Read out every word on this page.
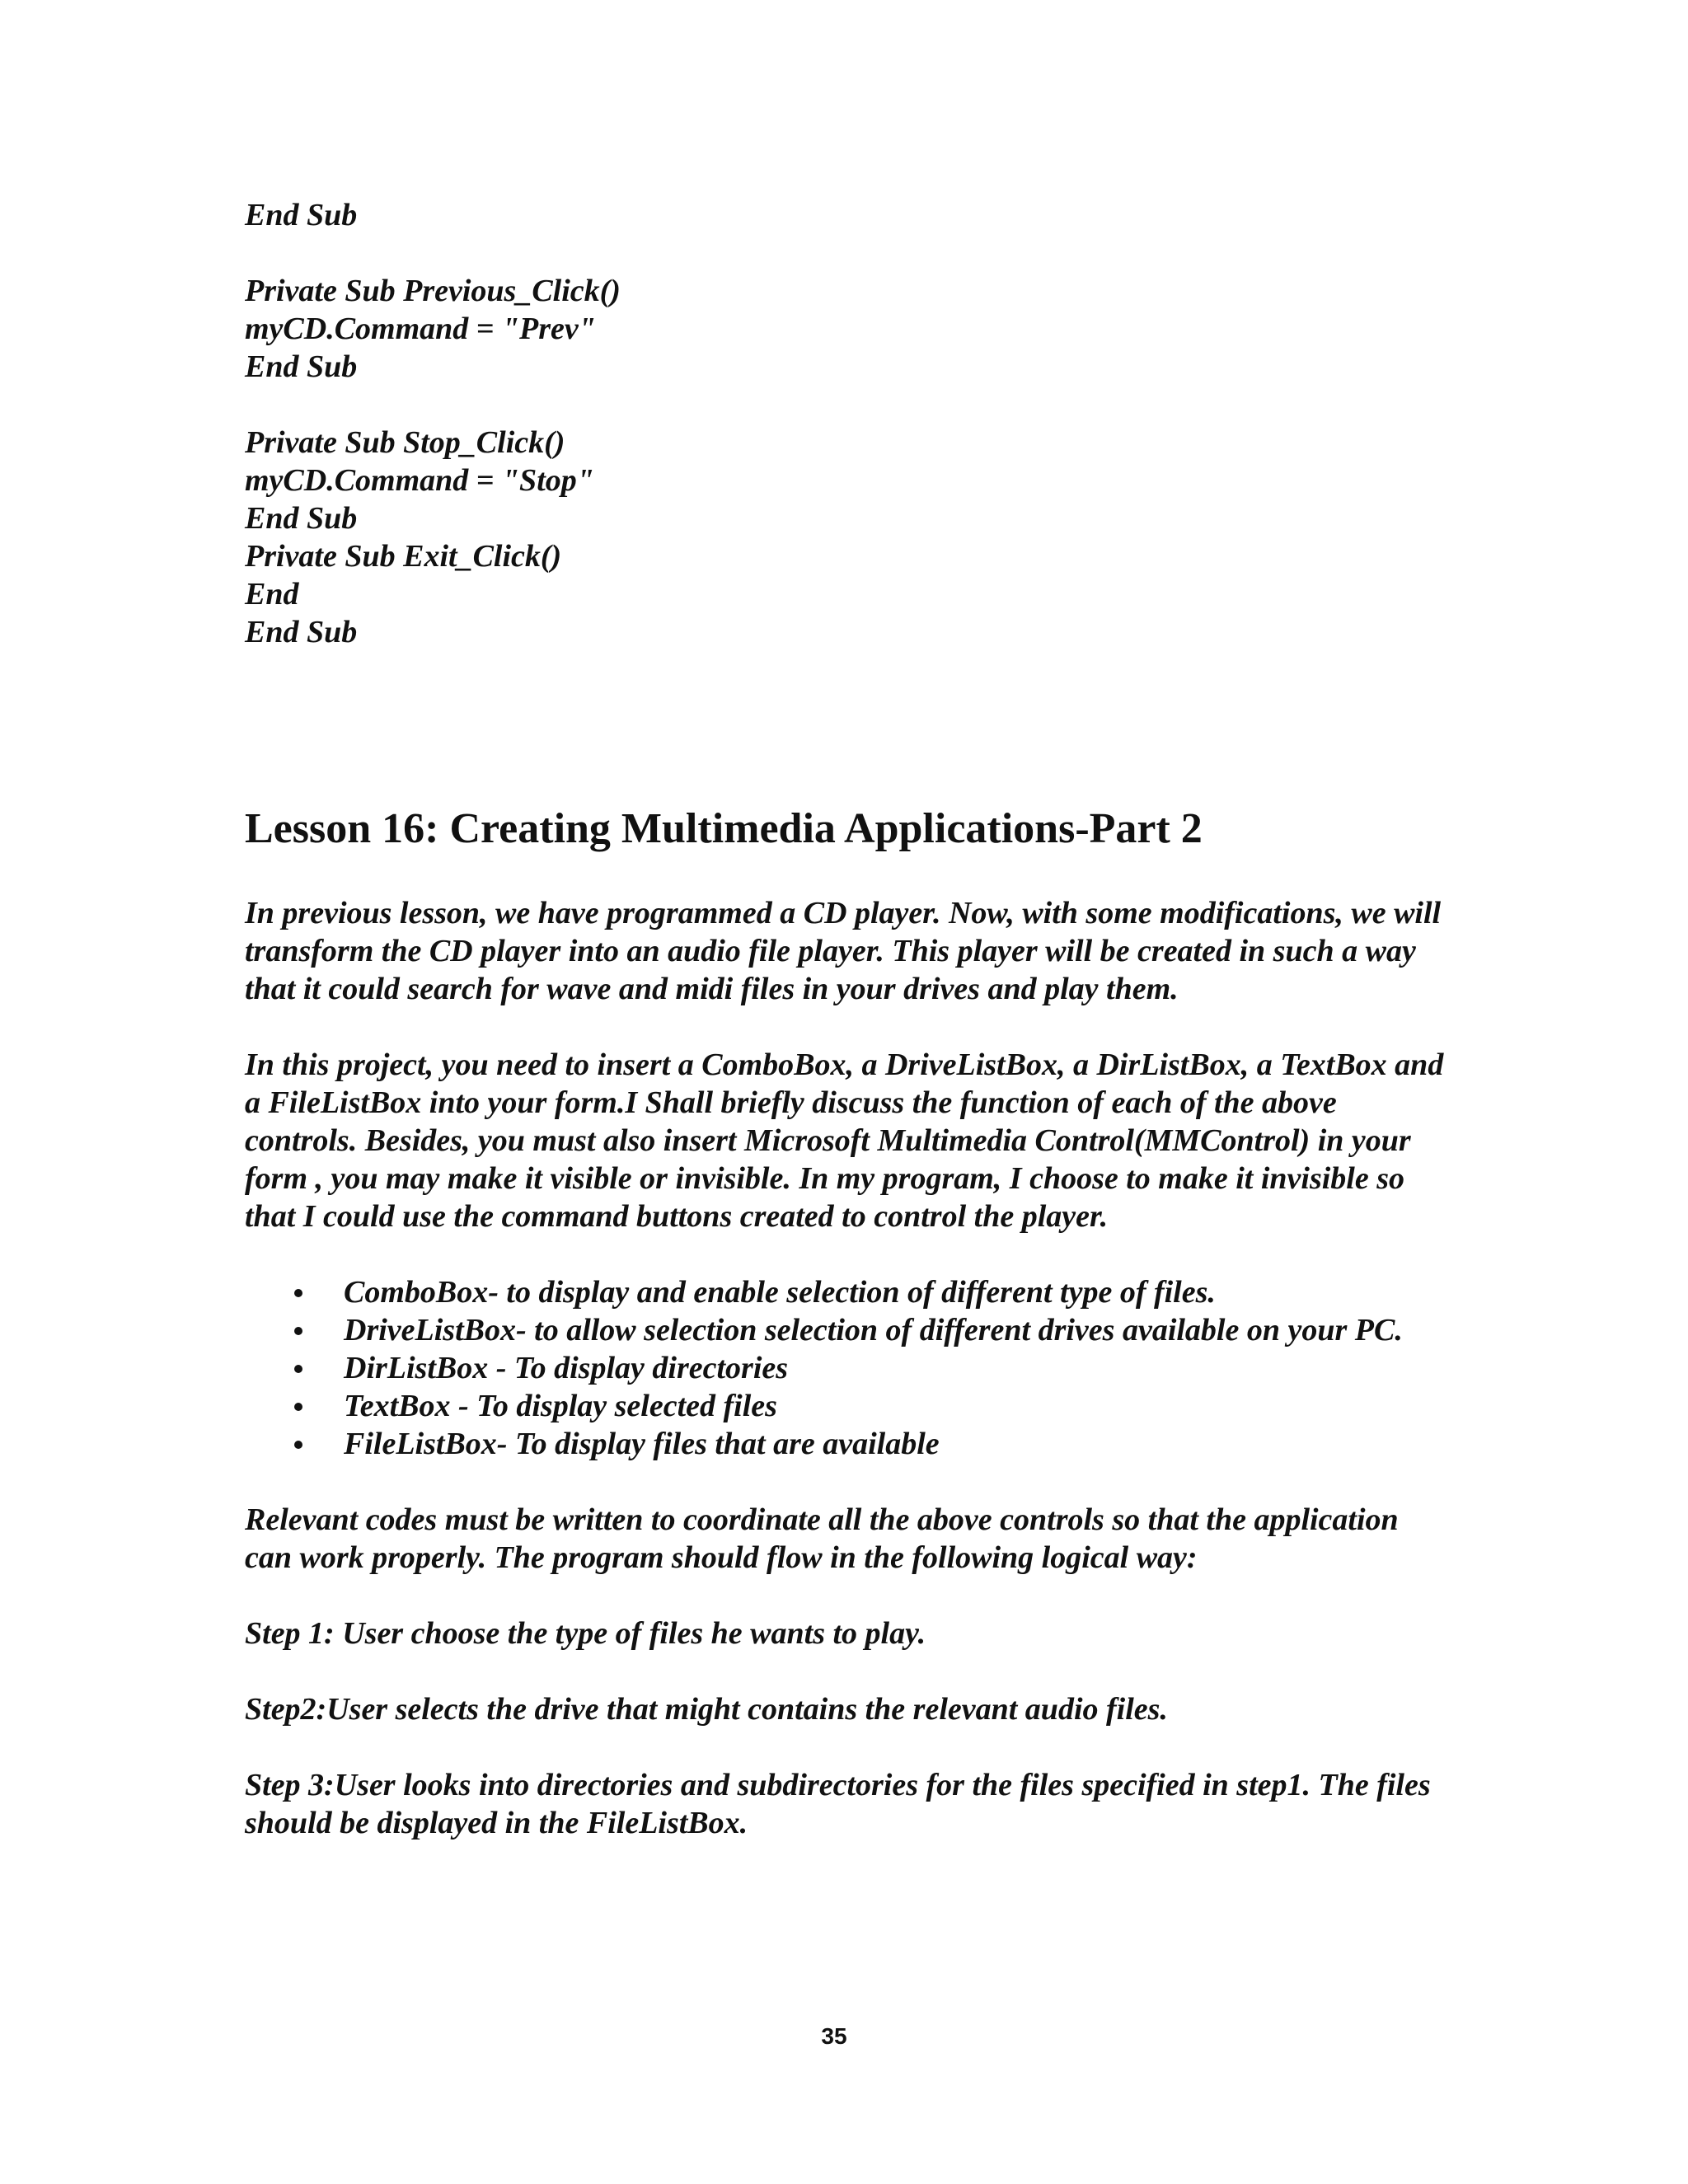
End Sub
Private Sub Previous_Click()
myCD.Command = "Prev"
End Sub
Private Sub Stop_Click()
myCD.Command = "Stop"
End Sub
Private Sub Exit_Click()
End
End Sub
Lesson 16: Creating Multimedia Applications-Part 2

In previous lesson, we have programmed a CD player. Now, with some modifications, we will transform the CD player into an audio file player. This player will be created in such a way that it could search for wave and midi files in your drives and play them.

In this project, you need to insert a ComboBox, a DriveListBox, a DirListBox, a TextBox and a FileListBox into your form.I Shall briefly discuss the function of each of the above controls. Besides, you must also insert Microsoft Multimedia Control(MMControl) in your form , you may make it visible or invisible. In my program, I choose to make it invisible so that I could use the command buttons created to control the player.

ComboBox- to display and enable selection of different type of files.
DriveListBox- to allow selection selection of different drives available on your PC.
DirListBox - To display directories
TextBox - To display selected files
FileListBox- To display files that are available

Relevant codes must be written to coordinate all the above controls so that the application can work properly. The program should flow in the following logical way:

Step 1: User choose the type of files he wants to play.

Step2:User selects the drive that might contains the relevant audio files.

Step 3:User looks into directories and subdirectories for the files specified in step1. The files should be displayed in the FileListBox.

35
